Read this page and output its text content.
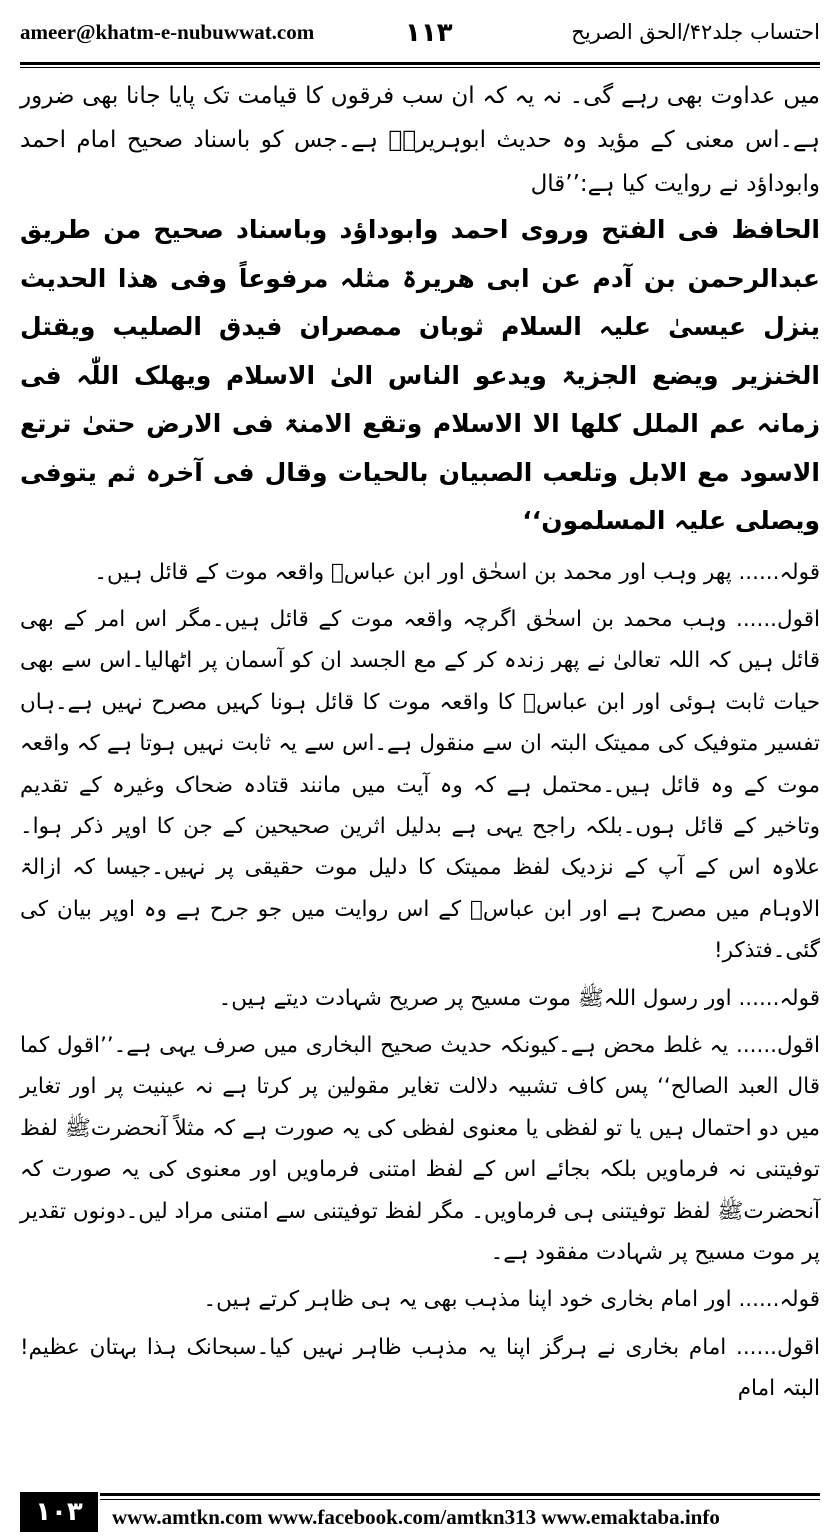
ameer@khatm-e-nubuwwat.com	۱۱۳	احتساب جلد۴۲/الحق الصریح

میں عداوت بھی رہے گی۔ نہ یہ کہ ان سب فرقوں کا قیامت تک پایا جانا بھی ضرور ہے۔اس معنی کے مؤید وہ حدیث ابوہریرہؓ ہے۔جس کو باسناد صحیح امام احمد وابوداؤد نے روایت کیا ہے:’’قال

الحافظ فی الفتح وروی احمد وابوداؤد وباسناد صحیح من طریق عبدالرحمن بن آدم عن ابی ھریرۃ مثلہ مرفوعاً وفی ھذا الحدیث ینزل عیسیٰ علیہ السلام ثوبان ممصران فیدق الصلیب ویقتل الخنزیر ویضع الجزیۃ ویدعو الناس الیٰ الاسلام ویھلک اللّٰہ فی زمانہ عم الملل کلھا الا الاسلام وتقع الامنۃ فی الارض حتیٰ ترتع الاسود مع الابل وتلعب الصبیان بالحیات وقال فی آخرہ ثم یتوفی ویصلی علیہ المسلمون‘‘

قولہ...... پھر وہب اور محمد بن اسحٰق اور ابن عباسؓ واقعہ موت کے قائل ہیں۔

اقول...... وہب محمد بن اسحٰق اگرچہ واقعہ موت کے قائل ہیں۔مگر اس امر کے بھی قائل ہیں کہ اللہ تعالیٰ نے پھر زندہ کر کے مع الجسد ان کو آسمان پر اٹھالیا۔اس سے بھی حیات ثابت ہوئی اور ابن عباسؓ کا واقعہ موت کا قائل ہونا کہیں مصرح نہیں ہے۔ہاں تفسیر متوفیک کی ممیتک البتہ ان سے منقول ہے۔اس سے یہ ثابت نہیں ہوتا ہے کہ واقعہ موت کے وہ قائل ہیں۔محتمل ہے کہ وہ آیت میں مانند قتادہ ضحاک وغیرہ کے تقدیم وتاخیر کے قائل ہوں۔بلکہ راجح یہی ہے بدلیل اثرین صحیحین کے جن کا اوپر ذکر ہوا۔علاوہ اس کے آپ کے نزدیک لفظ ممیتک کا دلیل موت حقیقی پر نہیں۔جیسا کہ ازالۃ الاوہام میں مصرح ہے اور ابن عباسؓ کے اس روایت میں جو جرح ہے وہ اوپر بیان کی گئی۔فتذکر!

قولہ...... اور رسول اللہﷺ موت مسیح پر صریح شہادت دیتے ہیں۔

اقول...... یہ غلط محض ہے۔کیونکہ حدیث صحیح البخاری میں صرف یہی ہے۔’’اقول کما قال العبد الصالح‘‘ پس کاف تشبیہ دلالت تغایر مقولین پر کرتا ہے نہ عینیت پر اور تغایر میں دو احتمال ہیں یا تو لفظی یا معنوی لفظی کی یہ صورت ہے کہ مثلاً آنحضرتﷺ لفظ توفیتنی نہ فرماویں بلکہ بجائے اس کے لفظ امتنی فرماویں اور معنوی کی یہ صورت کہ آنحضرتﷺ لفظ توفیتنی ہی فرماویں۔ مگر لفظ توفیتنی سے امتنی مراد لیں۔دونوں تقدیر پر موت مسیح پر شہادت مفقود ہے۔

قولہ...... اور امام بخاری خود اپنا مذہب بھی یہ ہی ظاہر کرتے ہیں۔

اقول...... امام بخاری نے ہرگز اپنا یہ مذہب ظاہر نہیں کیا۔سبحانک ہذا بہتان عظیم! البتہ امام

۱۰۳	www.amtkn.com www.facebook.com/amtkn313 www.emaktaba.info
